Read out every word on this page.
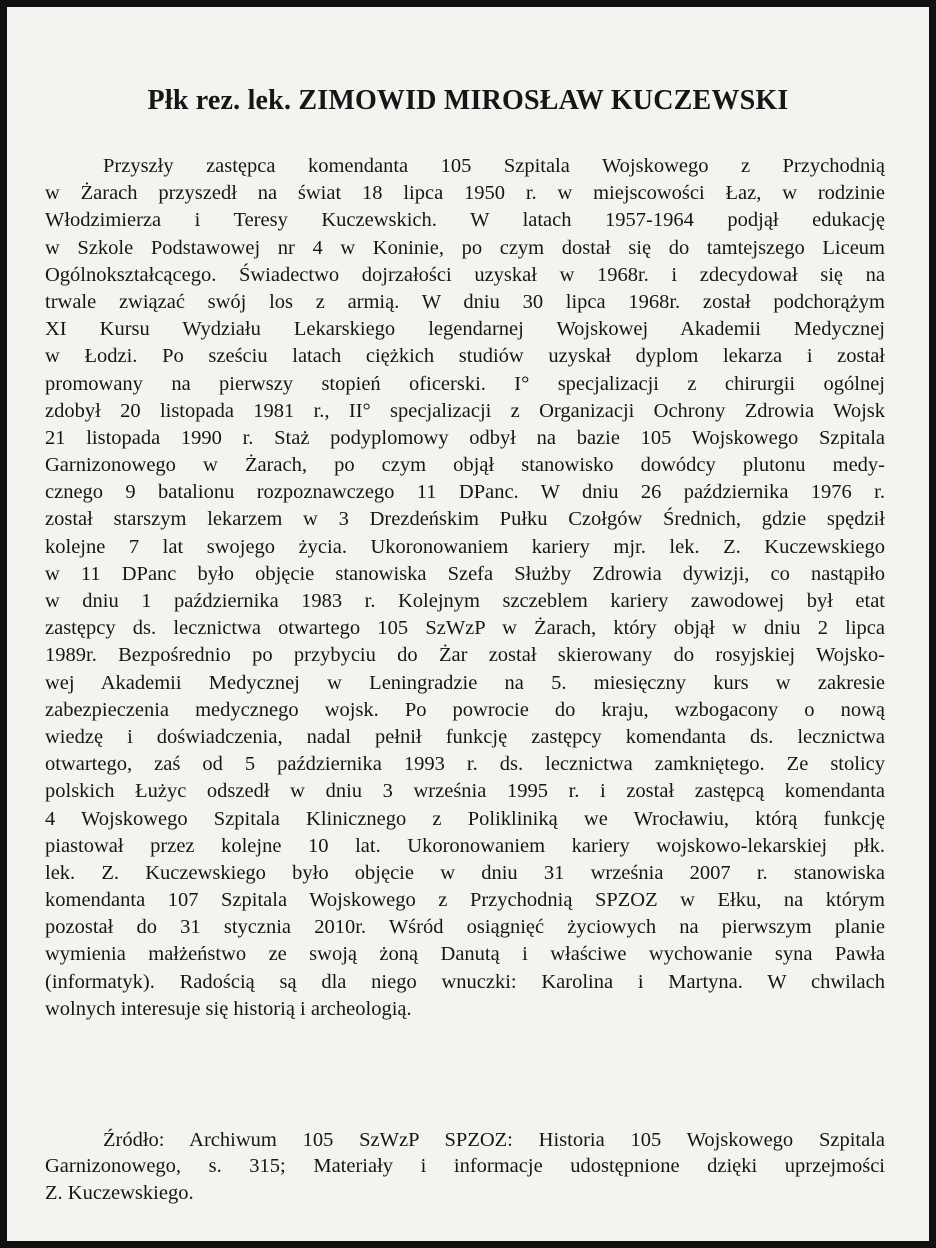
Płk rez. lek. ZIMOWID MIROSŁAW KUCZEWSKI
Przyszły zastępca komendanta 105 Szpitala Wojskowego z Przychodnią
w Żarach przyszedł na świat 18 lipca 1950 r. w miejscowości Łaz, w rodzinie
Włodzimierza i Teresy Kuczewskich. W latach 1957-1964 podjął edukację
w Szkole Podstawowej nr 4 w Koninie, po czym dostał się do tamtejszego Liceum
Ogólnokształcącego. Świadectwo dojrzałości uzyskał w 1968r. i zdecydował się na
trwale związać swój los z armią. W dniu 30 lipca 1968r. został podchorążym
XI Kursu Wydziału Lekarskiego legendarnej Wojskowej Akademii Medycznej
w Łodzi. Po sześciu latach ciężkich studiów uzyskał dyplom lekarza i został
promowany na pierwszy stopień oficerski. I° specjalizacji z chirurgii ogólnej
zdobył 20 listopada 1981 r., II° specjalizacji z Organizacji Ochrony Zdrowia Wojsk
21 listopada 1990 r. Staż podyplomowy odbył na bazie 105 Wojskowego Szpitala
Garnizonowego w Żarach, po czym objął stanowisko dowódcy plutonu medy-
cznego 9 batalionu rozpoznawczego 11 DPanc. W dniu 26 października 1976 r.
został starszym lekarzem w 3 Drezdeńskim Pułku Czołgów Średnich, gdzie spędził
kolejne 7 lat swojego życia. Ukoronowaniem kariery mjr. lek. Z. Kuczewskiego
w 11 DPanc było objęcie stanowiska Szefa Służby Zdrowia dywizji, co nastąpiło
w dniu 1 października 1983 r. Kolejnym szczeblem kariery zawodowej był etat
zastępcy ds. lecznictwa otwartego 105 SzWzP w Żarach, który objął w dniu 2 lipca
1989r. Bezpośrednio po przybyciu do Żar został skierowany do rosyjskiej Wojsko-
wej Akademii Medycznej w Leningradzie na 5. miesięczny kurs w zakresie
zabezpieczenia medycznego wojsk. Po powrocie do kraju, wzbogacony o nową
wiedzę i doświadczenia, nadal pełnił funkcję zastępcy komendanta ds. lecznictwa
otwartego, zaś od 5 października 1993 r. ds. lecznictwa zamkniętego. Ze stolicy
polskich Łużyc odszedł w dniu 3 września 1995 r. i został zastępcą komendanta
4 Wojskowego Szpitala Klinicznego z Polikliniką we Wrocławiu, którą funkcję
piastował przez kolejne 10 lat. Ukoronowaniem kariery wojskowo-lekarskiej płk.
lek. Z. Kuczewskiego było objęcie w dniu 31 września 2007 r. stanowiska
komendanta 107 Szpitala Wojskowego z Przychodnią SPZOZ w Ełku, na którym
pozostał do 31 stycznia 2010r. Wśród osiągnięć życiowych na pierwszym planie
wymienia małżeństwo ze swoją żoną Danutą i właściwe wychowanie syna Pawła
(informatyk). Radością są dla niego wnuczki: Karolina i Martyna. W chwilach
wolnych interesuje się historią i archeologią.
Źródło: Archiwum 105 SzWzP SPZOZ: Historia 105 Wojskowego Szpitala
Garnizonowego, s. 315; Materiały i informacje udostępnione dzięki uprzejmości
Z. Kuczewskiego.
